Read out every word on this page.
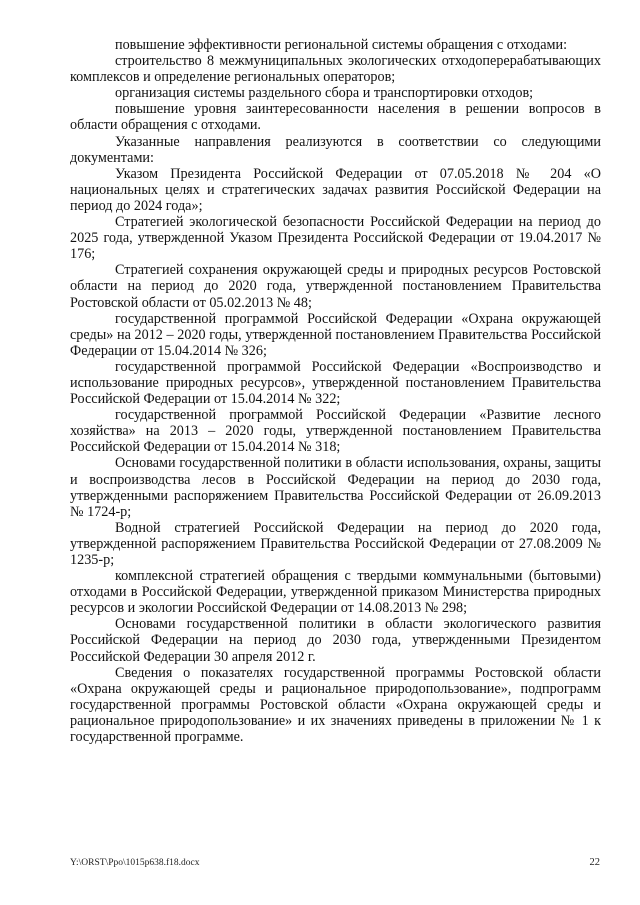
повышение эффективности региональной системы обращения с отходами:

строительство 8 межмуниципальных экологических отходоперерабатывающих комплексов и определение региональных операторов;

организация системы раздельного сбора и транспортировки отходов;

повышение уровня заинтересованности населения в решении вопросов в области обращения с отходами.

Указанные направления реализуются в соответствии со следующими документами:

Указом Президента Российской Федерации от 07.05.2018 № 204 «О национальных целях и стратегических задачах развития Российской Федерации на период до 2024 года»;

Стратегией экологической безопасности Российской Федерации на период до 2025 года, утвержденной Указом Президента Российской Федерации от 19.04.2017 № 176;

Стратегией сохранения окружающей среды и природных ресурсов Ростовской области на период до 2020 года, утвержденной постановлением Правительства Ростовской области от 05.02.2013 № 48;

государственной программой Российской Федерации «Охрана окружающей среды» на 2012 – 2020 годы, утвержденной постановлением Правительства Российской Федерации от 15.04.2014 № 326;

государственной программой Российской Федерации «Воспроизводство и использование природных ресурсов», утвержденной постановлением Правительства Российской Федерации от 15.04.2014 № 322;

государственной программой Российской Федерации «Развитие лесного хозяйства» на 2013 – 2020 годы, утвержденной постановлением Правительства Российской Федерации от 15.04.2014 № 318;

Основами государственной политики в области использования, охраны, защиты и воспроизводства лесов в Российской Федерации на период до 2030 года, утвержденными распоряжением Правительства Российской Федерации от 26.09.2013 № 1724-р;

Водной стратегией Российской Федерации на период до 2020 года, утвержденной распоряжением Правительства Российской Федерации от 27.08.2009 № 1235-р;

комплексной стратегией обращения с твердыми коммунальными (бытовыми) отходами в Российской Федерации, утвержденной приказом Министерства природных ресурсов и экологии Российской Федерации от 14.08.2013 № 298;

Основами государственной политики в области экологического развития Российской Федерации на период до 2030 года, утвержденными Президентом Российской Федерации 30 апреля 2012 г.

Сведения о показателях государственной программы Ростовской области «Охрана окружающей среды и рациональное природопользование», подпрограмм государственной программы Ростовской области «Охрана окружающей среды и рациональное природопользование» и их значениях приведены в приложении № 1 к государственной программе.

Y:\ORST\Ppo\1015p638.f18.docx	22
